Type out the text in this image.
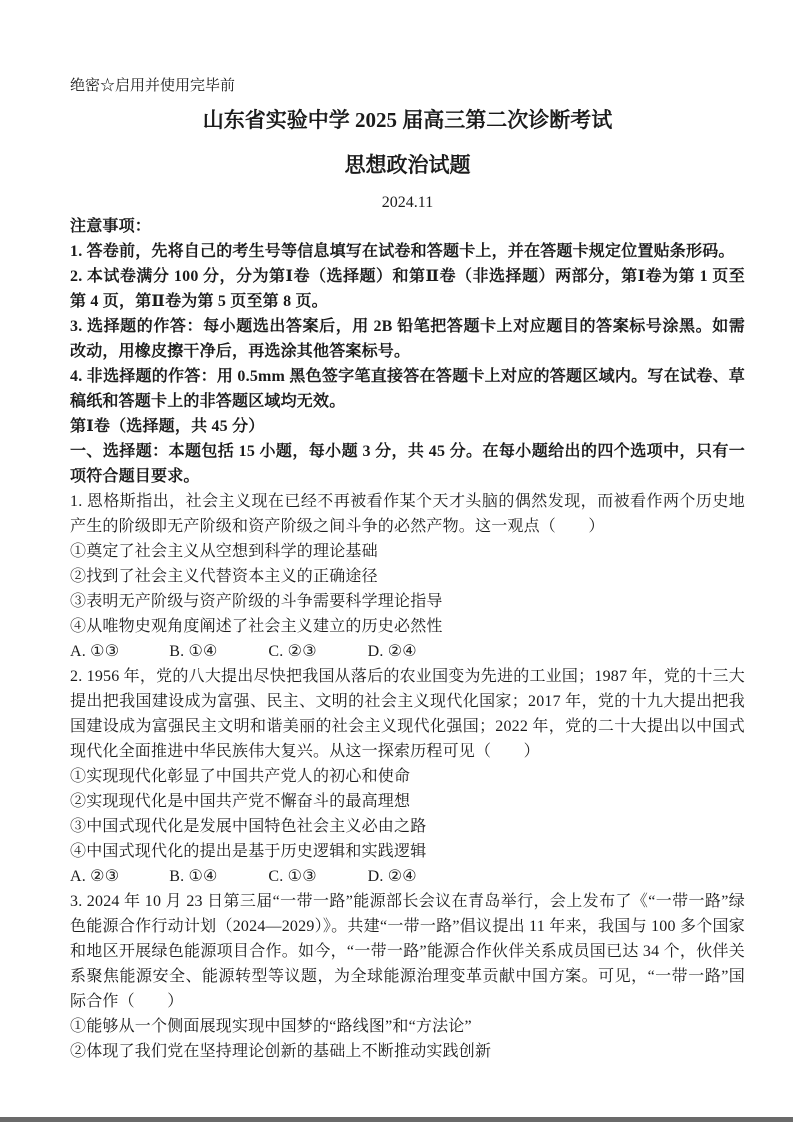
绝密☆启用并使用完毕前
山东省实验中学 2025 届高三第二次诊断考试
思想政治试题
2024.11

注意事项：

1. 答卷前，先将自己的考生号等信息填写在试卷和答题卡上，并在答题卡规定位置贴条形码。

2. 本试卷满分 100 分，分为第Ⅰ卷（选择题）和第Ⅱ卷（非选择题）两部分，第Ⅰ卷为第 1 页至第 4 页，第Ⅱ卷为第 5 页至第 8 页。

3. 选择题的作答：每小题选出答案后，用 2B 铅笔把答题卡上对应题目的答案标号涂黑。如需改动，用橡皮擦干净后，再选涂其他答案标号。

4. 非选择题的作答：用 0.5mm 黑色签字笔直接答在答题卡上对应的答题区域内。写在试卷、草稿纸和答题卡上的非答题区域均无效。

第Ⅰ卷（选择题，共 45 分）

一、选择题：本题包括 15 小题，每小题 3 分，共 45 分。在每小题给出的四个选项中，只有一项符合题目要求。

1. 恩格斯指出，社会主义现在已经不再被看作某个天才头脑的偶然发现，而被看作两个历史地产生的阶级即无产阶级和资产阶级之间斗争的必然产物。这一观点（　　）

①奠定了社会主义从空想到科学的理论基础

②找到了社会主义代替资本主义的正确途径

③表明无产阶级与资产阶级的斗争需要科学理论指导

④从唯物史观角度阐述了社会主义建立的历史必然性

A. ①③	B. ①④	C. ②③	D. ②④

2. 1956 年，党的八大提出尽快把我国从落后的农业国变为先进的工业国；1987 年，党的十三大提出把我国建设成为富强、民主、文明的社会主义现代化国家；2017 年，党的十九大提出把我国建设成为富强民主文明和谐美丽的社会主义现代化强国；2022 年，党的二十大提出以中国式现代化全面推进中华民族伟大复兴。从这一探索历程可见（　　）

①实现现代化彰显了中国共产党人的初心和使命

②实现现代化是中国共产党不懈奋斗的最高理想

③中国式现代化是发展中国特色社会主义必由之路

④中国式现代化的提出是基于历史逻辑和实践逻辑

A. ②③	B. ①④	C. ①③	D. ②④

3. 2024 年 10 月 23 日第三届“一带一路”能源部长会议在青岛举行，会上发布了《“一带一路”绿色能源合作行动计划（2024—2029）》。共建“一带一路”倡议提出 11 年来，我国与 100 多个国家和地区开展绿色能源项目合作。如今，“一带一路”能源合作伙伴关系成员国已达 34 个，伙伴关系聚焦能源安全、能源转型等议题，为全球能源治理变革贡献中国方案。可见，“一带一路”国际合作（　　）

①能够从一个侧面展现实现中国梦的“路线图”和“方法论”

②体现了我们党在坚持理论创新的基础上不断推动实践创新
